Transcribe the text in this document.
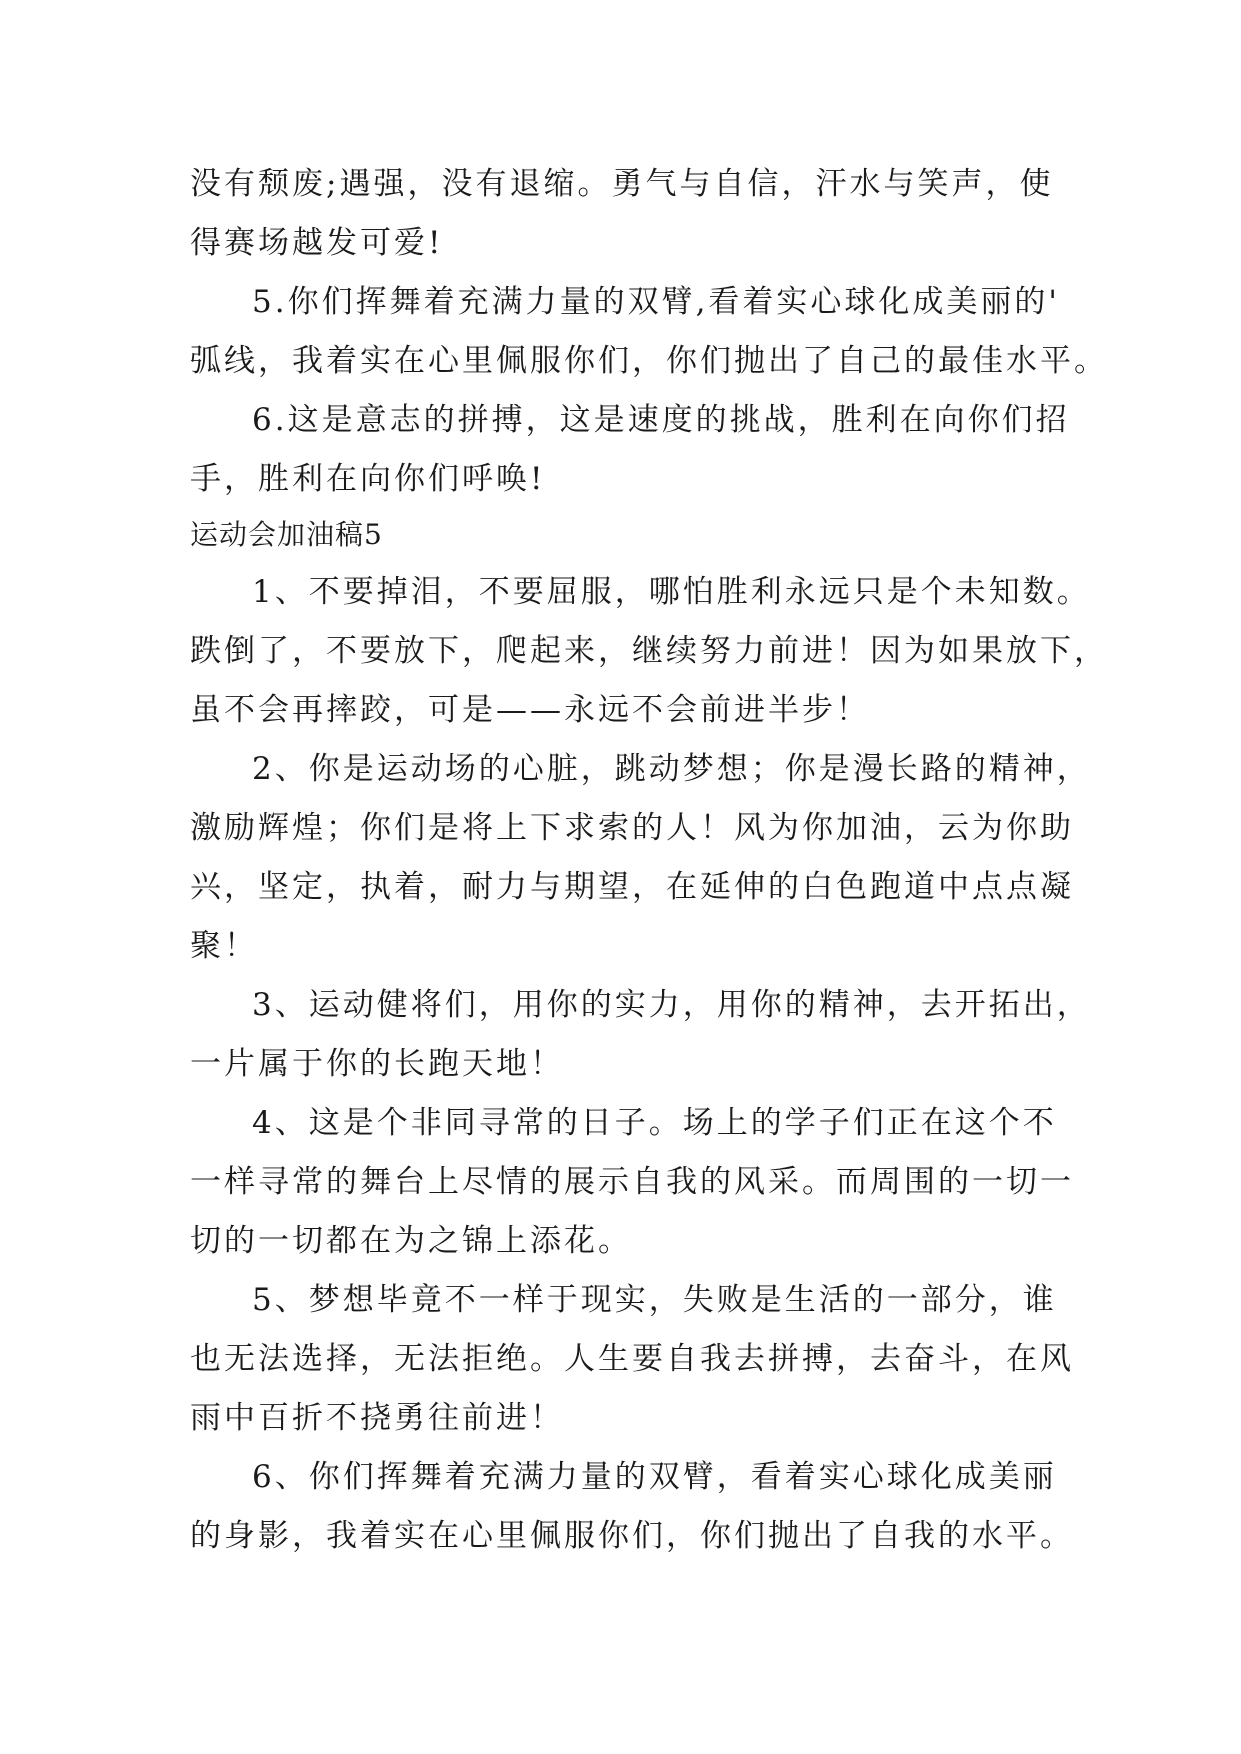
没有颓废;遇强，没有退缩。勇气与自信，汗水与笑声，使
得赛场越发可爱!
5.你们挥舞着充满力量的双臂,看着实心球化成美丽的'
弧线，我着实在心里佩服你们，你们抛出了自己的最佳水平。
6.这是意志的拼搏，这是速度的挑战，胜利在向你们招
手，胜利在向你们呼唤!
运动会加油稿5
1、不要掉泪，不要屈服，哪怕胜利永远只是个未知数。
跌倒了，不要放下，爬起来，继续努力前进！因为如果放下，
虽不会再摔跤，可是——永远不会前进半步！
2、你是运动场的心脏，跳动梦想；你是漫长路的精神，
激励辉煌；你们是将上下求索的人！风为你加油，云为你助
兴，坚定，执着，耐力与期望，在延伸的白色跑道中点点凝
聚！
3、运动健将们，用你的实力，用你的精神，去开拓出，
一片属于你的长跑天地！
4、这是个非同寻常的日子。场上的学子们正在这个不
一样寻常的舞台上尽情的展示自我的风采。而周围的一切一
切的一切都在为之锦上添花。
5、梦想毕竟不一样于现实，失败是生活的一部分，谁
也无法选择，无法拒绝。人生要自我去拼搏，去奋斗，在风
雨中百折不挠勇往前进！
6、你们挥舞着充满力量的双臂，看着实心球化成美丽
的身影，我着实在心里佩服你们，你们抛出了自我的水平。
